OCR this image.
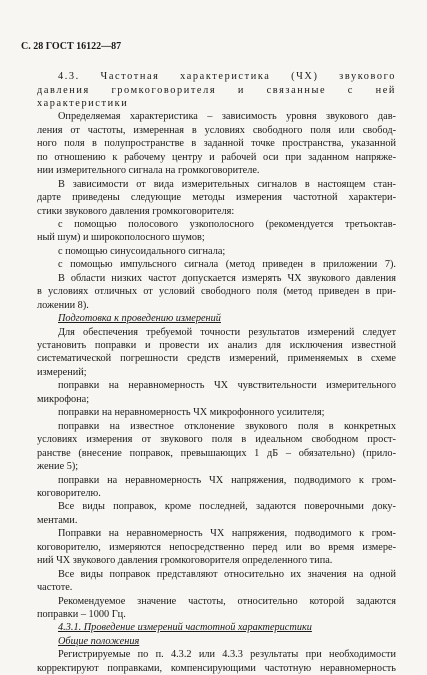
С. 28 ГОСТ 16122—87
4.3. Частотная характеристика (ЧХ) звукового
давления громкоговорителя и связанные с ней
характеристики
Определяемая характеристика – зависимость уровня звукового дав-
ления от частоты, измеренная в условиях свободного поля или свобод-
ного поля в полупространстве в заданной точке пространства, указанной
по отношению к рабочему центру и рабочей оси при заданном напряже-
нии измерительного сигнала на громкоговорителе.
В зависимости от вида измерительных сигналов в настоящем стан-
дарте приведены следующие методы измерения частотной характери-
стики звукового давления громкоговорителя:
с помощью полосового узкополосного (рекомендуется третьоктав-
ный шум) и широкополосного шумов;
с помощью синусоидального сигнала;
с помощью импульсного сигнала (метод приведен в приложении 7).
В области низких частот допускается измерять ЧХ звукового давления
в условиях отличных от условий свободного поля (метод приведен в при-
ложении 8).
Подготовка к проведению измерений
Для обеспечения требуемой точности результатов измерений следует
установить поправки и провести их анализ для исключения известной
систематической погрешности средств измерений, применяемых в схеме
измерений;
поправки на неравномерность ЧХ чувствительности измерительного
микрофона;
поправки на неравномерность ЧХ микрофонного усилителя;
поправки на известное отклонение звукового поля в конкретных
условиях измерения от звукового поля в идеальном свободном прост-
ранстве (внесение поправок, превышающих 1 дБ – обязательно) (прило-
жение 5);
поправки на неравномерность ЧХ напряжения, подводимого к гром-
коговорителю.
Все виды поправок, кроме последней, задаются поверочными доку-
ментами.
Поправки на неравномерность ЧХ напряжения, подводимого к гром-
коговорителю, измеряются непосредственно перед или во время измере-
ний ЧХ звукового давления громкоговорителя определенного типа.
Все виды поправок представляют относительно их значения на одной
частоте.
Рекомендуемое значение частоты, относительно которой задаются
поправки – 1000 Гц.
4.3.1. Проведение измерений частотной характеристики
Общие положения
Регистрируемые по п. 4.3.2 или 4.3.3 результаты при необходимости
корректируют поправками, компенсирующими частотную неравномерность
